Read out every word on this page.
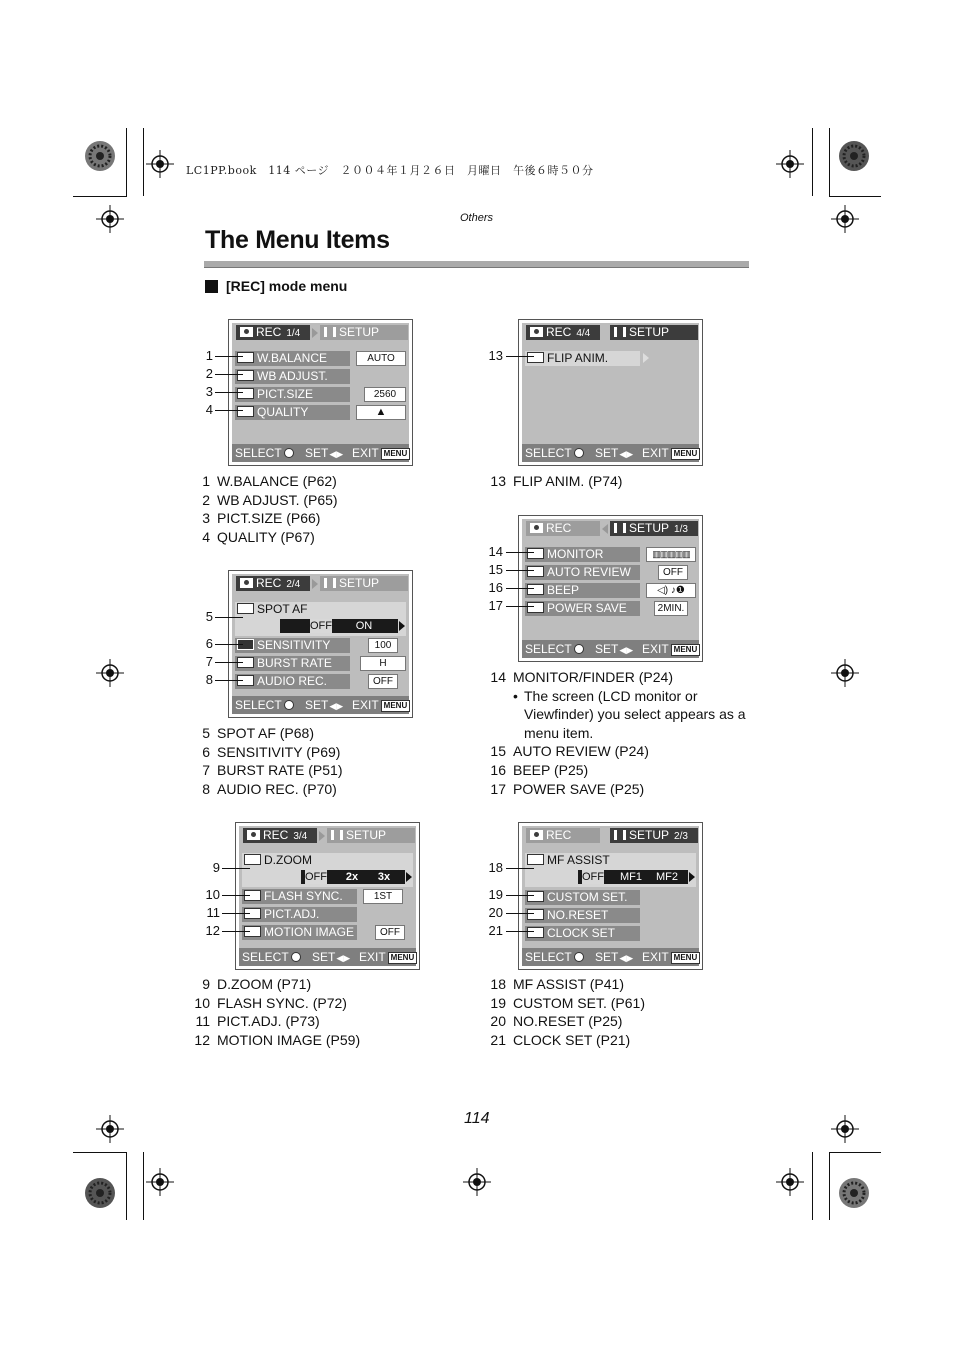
LC1PP.book　114 ページ　２００４年１月２６日　月曜日　午後６時５０分
Others
The Menu Items
[REC] mode menu
REC 1/4	SETUP
W.BALANCE	AUTO
WB ADJUST.
PICT.SIZE	2560
QUALITY	▲
SELECT	SET◀▶ EXIT MENU
1
2
3
4
1 W.BALANCE (P62)
2 WB ADJUST. (P65)
3 PICT.SIZE (P66)
4 QUALITY (P67)
REC 2/4	SETUP
SPOT AF
OFF	ON
SENSITIVITY	100
BURST RATE	H
AUDIO REC.	OFF
SELECT	SET◀▶ EXIT MENU
5
6
7
8
5 SPOT AF (P68)
6 SENSITIVITY (P69)
7 BURST RATE (P51)
8 AUDIO REC. (P70)
REC 3/4	SETUP
D.ZOOM
OFF	2x	3x
FLASH SYNC.	1ST
PICT.ADJ.
MOTION IMAGE	OFF
SELECT	SET◀▶ EXIT MENU
9
10
11
12
9 D.ZOOM (P71)
10 FLASH SYNC. (P72)
11 PICT.ADJ. (P73)
12 MOTION IMAGE (P59)
REC 4/4	SETUP
FLIP ANIM.
SELECT	SET◀▶ EXIT MENU
13
13 FLIP ANIM. (P74)
REC	SETUP 1/3
MONITOR	▥▥▥▥▥
AUTO REVIEW	OFF
BEEP	◁) ♪❶
POWER SAVE	2MIN.
SELECT	SET◀▶ EXIT MENU
14
15
16
17
14 MONITOR/FINDER (P24)
• The screen (LCD monitor or Viewfinder) you select appears as a menu item.
15 AUTO REVIEW (P24)
16 BEEP (P25)
17 POWER SAVE (P25)
REC	SETUP 2/3
MF ASSIST
OFF MF1 MF2
CUSTOM SET.
NO.RESET
CLOCK SET
SELECT	SET◀▶ EXIT MENU
18
19
20
21
18 MF ASSIST (P41)
19 CUSTOM SET. (P61)
20 NO.RESET (P25)
21 CLOCK SET (P21)
114
